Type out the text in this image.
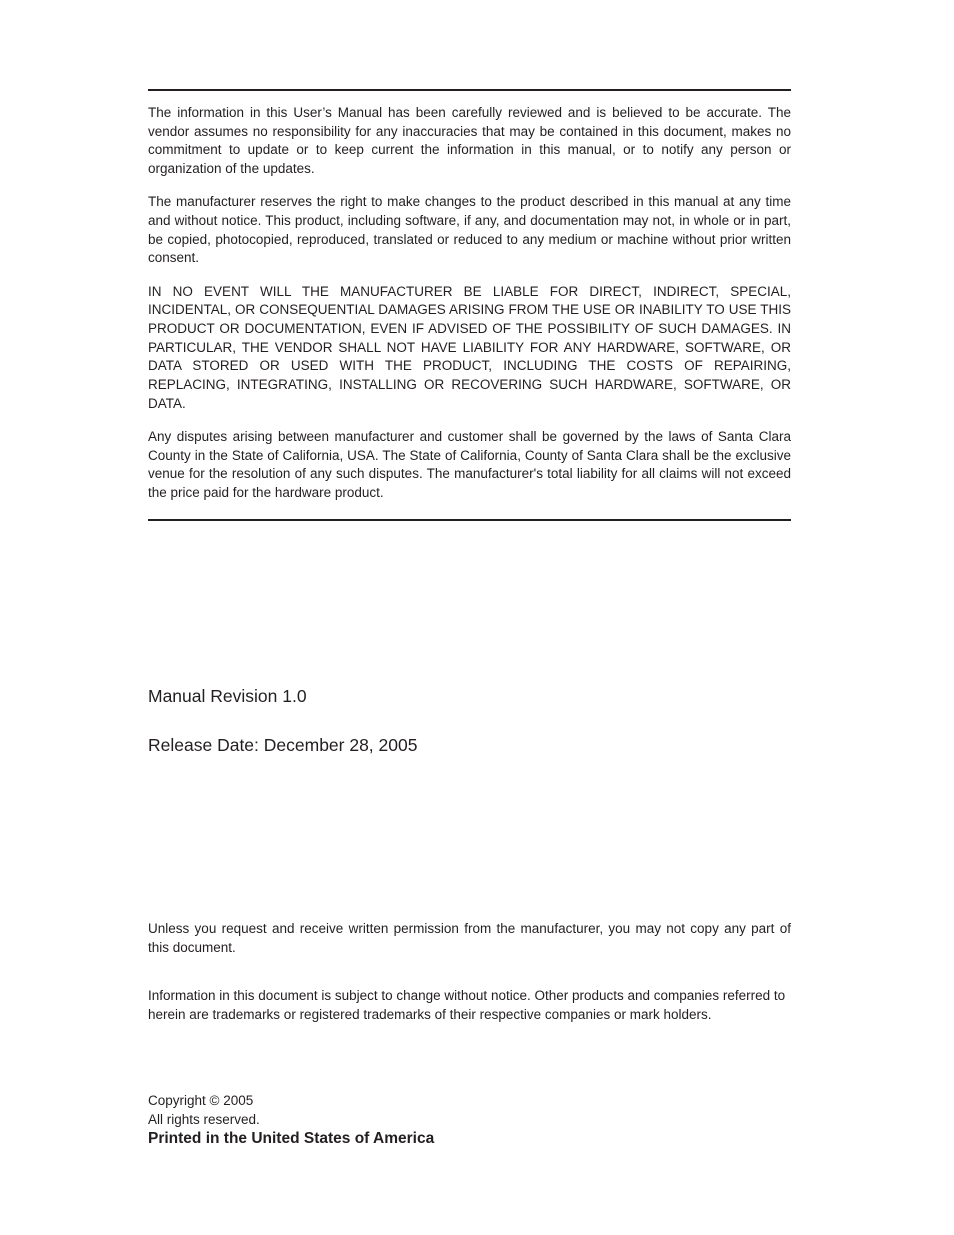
The information in this User’s Manual has been carefully reviewed and is believed to be accurate. The vendor assumes no responsibility for any inaccuracies that may be contained in this document, makes no commitment to update or to keep current the information in this manual, or to notify any person or organization of the updates.

The manufacturer reserves the right to make changes to the product described in this manual at any time and without notice. This product, including software, if any, and documentation may not, in whole or in part, be copied, photocopied, reproduced, translated or reduced to any medium or machine without prior written consent.

IN NO EVENT WILL THE MANUFACTURER BE LIABLE FOR DIRECT, INDIRECT, SPECIAL, INCIDENTAL, OR CONSEQUENTIAL DAMAGES ARISING FROM THE USE OR INABILITY TO USE THIS PRODUCT OR DOCUMENTATION, EVEN IF ADVISED OF THE POSSIBILITY OF SUCH DAMAGES. IN PARTICULAR, THE VENDOR SHALL NOT HAVE LIABILITY FOR ANY HARDWARE, SOFTWARE, OR DATA STORED OR USED WITH THE PRODUCT, INCLUDING THE COSTS OF REPAIRING, REPLACING, INTEGRATING, INSTALLING OR RECOVERING SUCH HARDWARE, SOFTWARE, OR DATA.

Any disputes arising between manufacturer and customer shall be governed by the laws of Santa Clara County in the State of California, USA. The State of California, County of Santa Clara shall be the exclusive venue for the resolution of any such disputes. The manufacturer's total liability for all claims will not exceed the price paid for the hardware product.

Manual Revision 1.0

Release Date: December 28, 2005

Unless you request and receive written permission from the manufacturer, you may not copy any part of this document.

Information in this document is subject to change without notice. Other products and companies referred to herein are trademarks or registered trademarks of their respective companies or mark holders.

Copyright © 2005
All rights reserved.
Printed in the United States of America
